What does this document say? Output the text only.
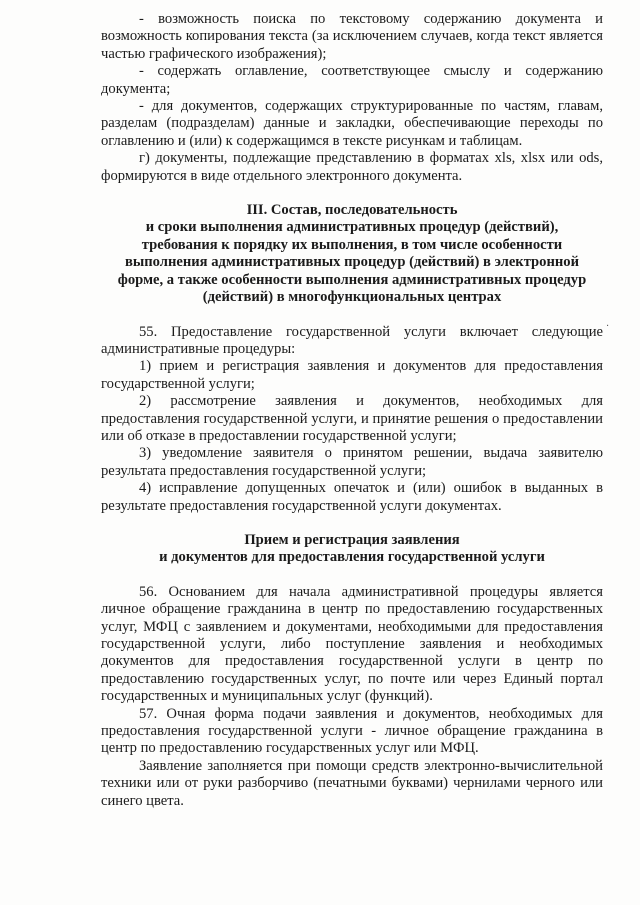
- возможность поиска по текстовому содержанию документа и возможность копирования текста (за исключением случаев, когда текст является частью графического изображения);

- содержать оглавление, соответствующее смыслу и содержанию документа;

- для документов, содержащих структурированные по частям, главам, разделам (подразделам) данные и закладки, обеспечивающие переходы по оглавлению и (или) к содержащимся в тексте рисункам и таблицам.

г) документы, подлежащие представлению в форматах xls, xlsx или ods, формируются в виде отдельного электронного документа.

III. Состав, последовательность

и сроки выполнения административных процедур (действий),

требования к порядку их выполнения, в том числе особенности

выполнения административных процедур (действий) в электронной

форме, а также особенности выполнения административных процедур

(действий) в многофункциональных центрах

55. Предоставление государственной услуги включает следующие административные процедуры:

1) прием и регистрация заявления и документов для предоставления государственной услуги;

2) рассмотрение заявления и документов, необходимых для предоставления государственной услуги, и принятие решения о предоставлении или об отказе в предоставлении государственной услуги;

3) уведомление заявителя о принятом решении, выдача заявителю результата предоставления государственной услуги;

4) исправление допущенных опечаток и (или) ошибок в выданных в результате предоставления государственной услуги документах.

Прием и регистрация заявления

и документов для предоставления государственной услуги

56. Основанием для начала административной процедуры является личное обращение гражданина в центр по предоставлению государственных услуг, МФЦ с заявлением и документами, необходимыми для предоставления государственной услуги, либо поступление заявления и необходимых документов для предоставления государственной услуги в центр по предоставлению государственных услуг, по почте или через Единый портал государственных и муниципальных услуг (функций).

57. Очная форма подачи заявления и документов, необходимых для предоставления государственной услуги - личное обращение гражданина в центр по предоставлению государственных услуг или МФЦ.

Заявление заполняется при помощи средств электронно-вычислительной техники или от руки разборчиво (печатными буквами) чернилами черного или синего цвета.

·
